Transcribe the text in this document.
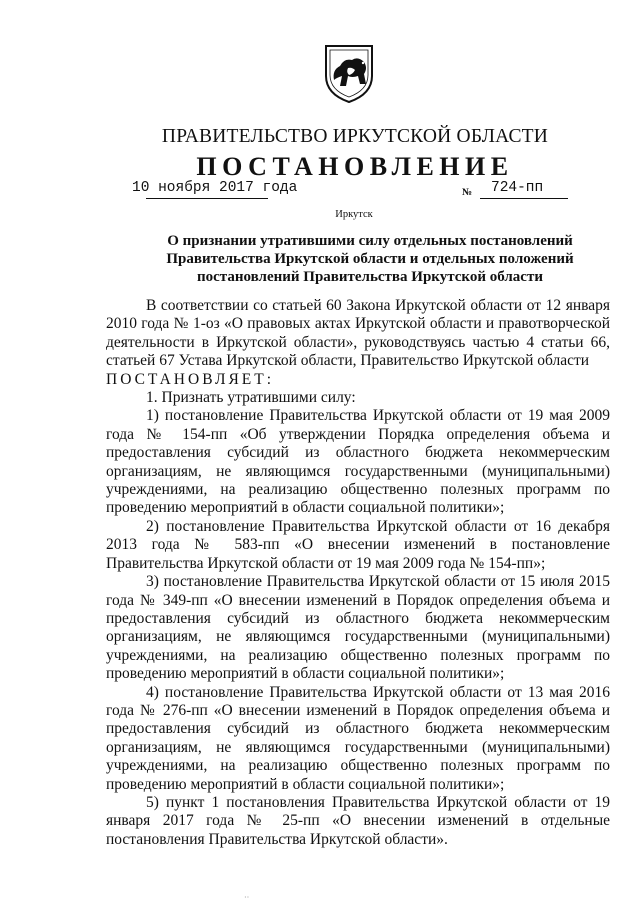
ПРАВИТЕЛЬСТВО ИРКУТСКОЙ ОБЛАСТИ
ПОСТАНОВЛЕНИЕ
10 ноября 2017 года	№ 724-пп
Иркутск
О признании утратившими силу отдельных постановлений
Правительства Иркутской области и отдельных положений
постановлений Правительства Иркутской области

В соответствии со статьей 60 Закона Иркутской области от 12 января 2010 года № 1-оз «О правовых актах Иркутской области и правотворческой деятельности в Иркутской области», руководствуясь частью 4 статьи 66, статьей 67 Устава Иркутской области, Правительство Иркутской области

ПОСТАНОВЛЯЕТ:

1. Признать утратившими силу:

1) постановление Правительства Иркутской области от 19 мая 2009 года № 154-пп «Об утверждении Порядка определения объема и предоставления субсидий из областного бюджета некоммерческим организациям, не являющимся государственными (муниципальными) учреждениями, на реализацию общественно полезных программ по проведению мероприятий в области социальной политики»;

2) постановление Правительства Иркутской области от 16 декабря 2013 года № 583-пп «О внесении изменений в постановление Правительства Иркутской области от 19 мая 2009 года № 154-пп»;

3) постановление Правительства Иркутской области от 15 июля 2015 года № 349-пп «О внесении изменений в Порядок определения объема и предоставления субсидий из областного бюджета некоммерческим организациям, не являющимся государственными (муниципальными) учреждениями, на реализацию общественно полезных программ по проведению мероприятий в области социальной политики»;

4) постановление Правительства Иркутской области от 13 мая 2016 года № 276-пп «О внесении изменений в Порядок определения объема и предоставления субсидий из областного бюджета некоммерческим организациям, не являющимся государственными (муниципальными) учреждениями, на реализацию общественно полезных программ по проведению мероприятий в области социальной политики»;

5) пункт 1 постановления Правительства Иркутской области от 19 января 2017 года № 25-пп «О внесении изменений в отдельные постановления Правительства Иркутской области».

··
